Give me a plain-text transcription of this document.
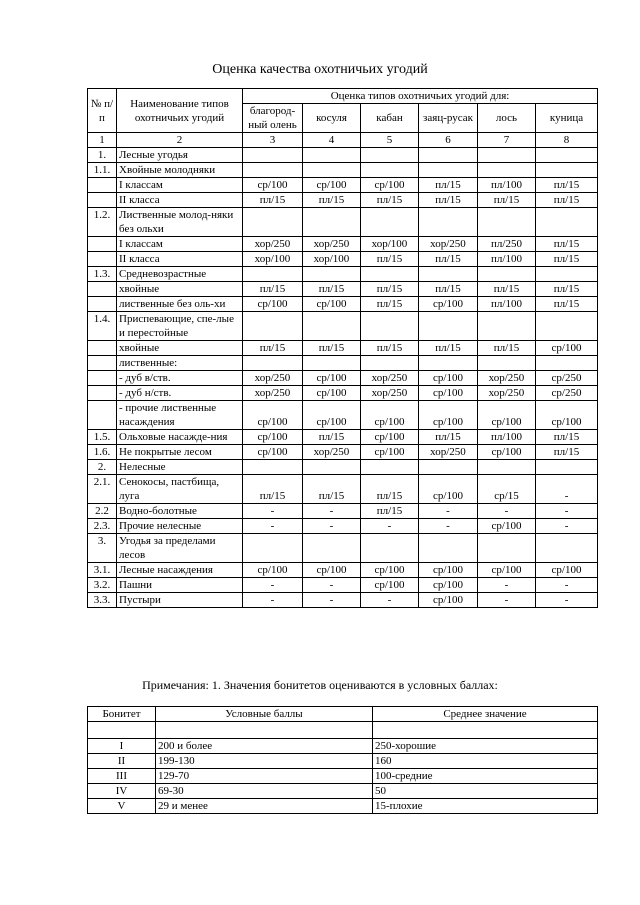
Оценка качества охотничьих угодий
№ п/п	Наименование типов охотничьих угодий	Оценка типов охотничьих угодий для:					
		благород-ный олень	косуля	кабан	заяц-русак	лось	куница
1	2	3	4	5	6	7	8
1.	Лесные угодья						
1.1.	Хвойные молодняки						
	I классам	ср/100	ср/100	ср/100	пл/15	пл/100	пл/15
	II класса	пл/15	пл/15	пл/15	пл/15	пл/15	пл/15
1.2.	Лиственные молод-няки без ольхи						
	I классам	хор/250	хор/250	хор/100	хор/250	пл/250	пл/15
	II класса	хор/100	хор/100	пл/15	пл/15	пл/100	пл/15
1.3.	Средневозрастные						
	хвойные	пл/15	пл/15	пл/15	пл/15	пл/15	пл/15
	лиственные без оль-хи	ср/100	ср/100	пл/15	ср/100	пл/100	пл/15
1.4.	Приспевающие, спе-лые и перестойные						
	хвойные	пл/15	пл/15	пл/15	пл/15	пл/15	ср/100
	лиственные:						
	- дуб в/ств.	хор/250	ср/100	хор/250	ср/100	хор/250	ср/250
	- дуб н/ств.	хор/250	ср/100	хор/250	ср/100	хор/250	ср/250
	- прочие лиственные насаждения	ср/100	ср/100	ср/100	ср/100	ср/100	ср/100
1.5.	Ольховые насажде-ния	ср/100	пл/15	ср/100	пл/15	пл/100	пл/15
1.6.	Не покрытые лесом	ср/100	хор/250	ср/100	хор/250	ср/100	пл/15
2.	Нелесные						
2.1.	Сенокосы, пастбища, луга	пл/15	пл/15	пл/15	ср/100	ср/15	-
2.2	Водно-болотные	-	-	пл/15	-	-	-
2.3.	Прочие нелесные	-	-	-	-	ср/100	-
3.	Угодья за пределами лесов						
3.1.	Лесные насаждения	ср/100	ср/100	ср/100	ср/100	ср/100	ср/100
3.2.	Пашни	-	-	ср/100	ср/100	-	-
3.3.	Пустыри	-	-	-	ср/100	-	-
Примечания: 1. Значения бонитетов оцениваются в условных баллах:
Бонитет	Условные баллы	Среднее значение

I	200 и более	250-хорошие
II	199-130	160
III	129-70	100-средние
IV	69-30	50
V	29 и менее	15-плохие
